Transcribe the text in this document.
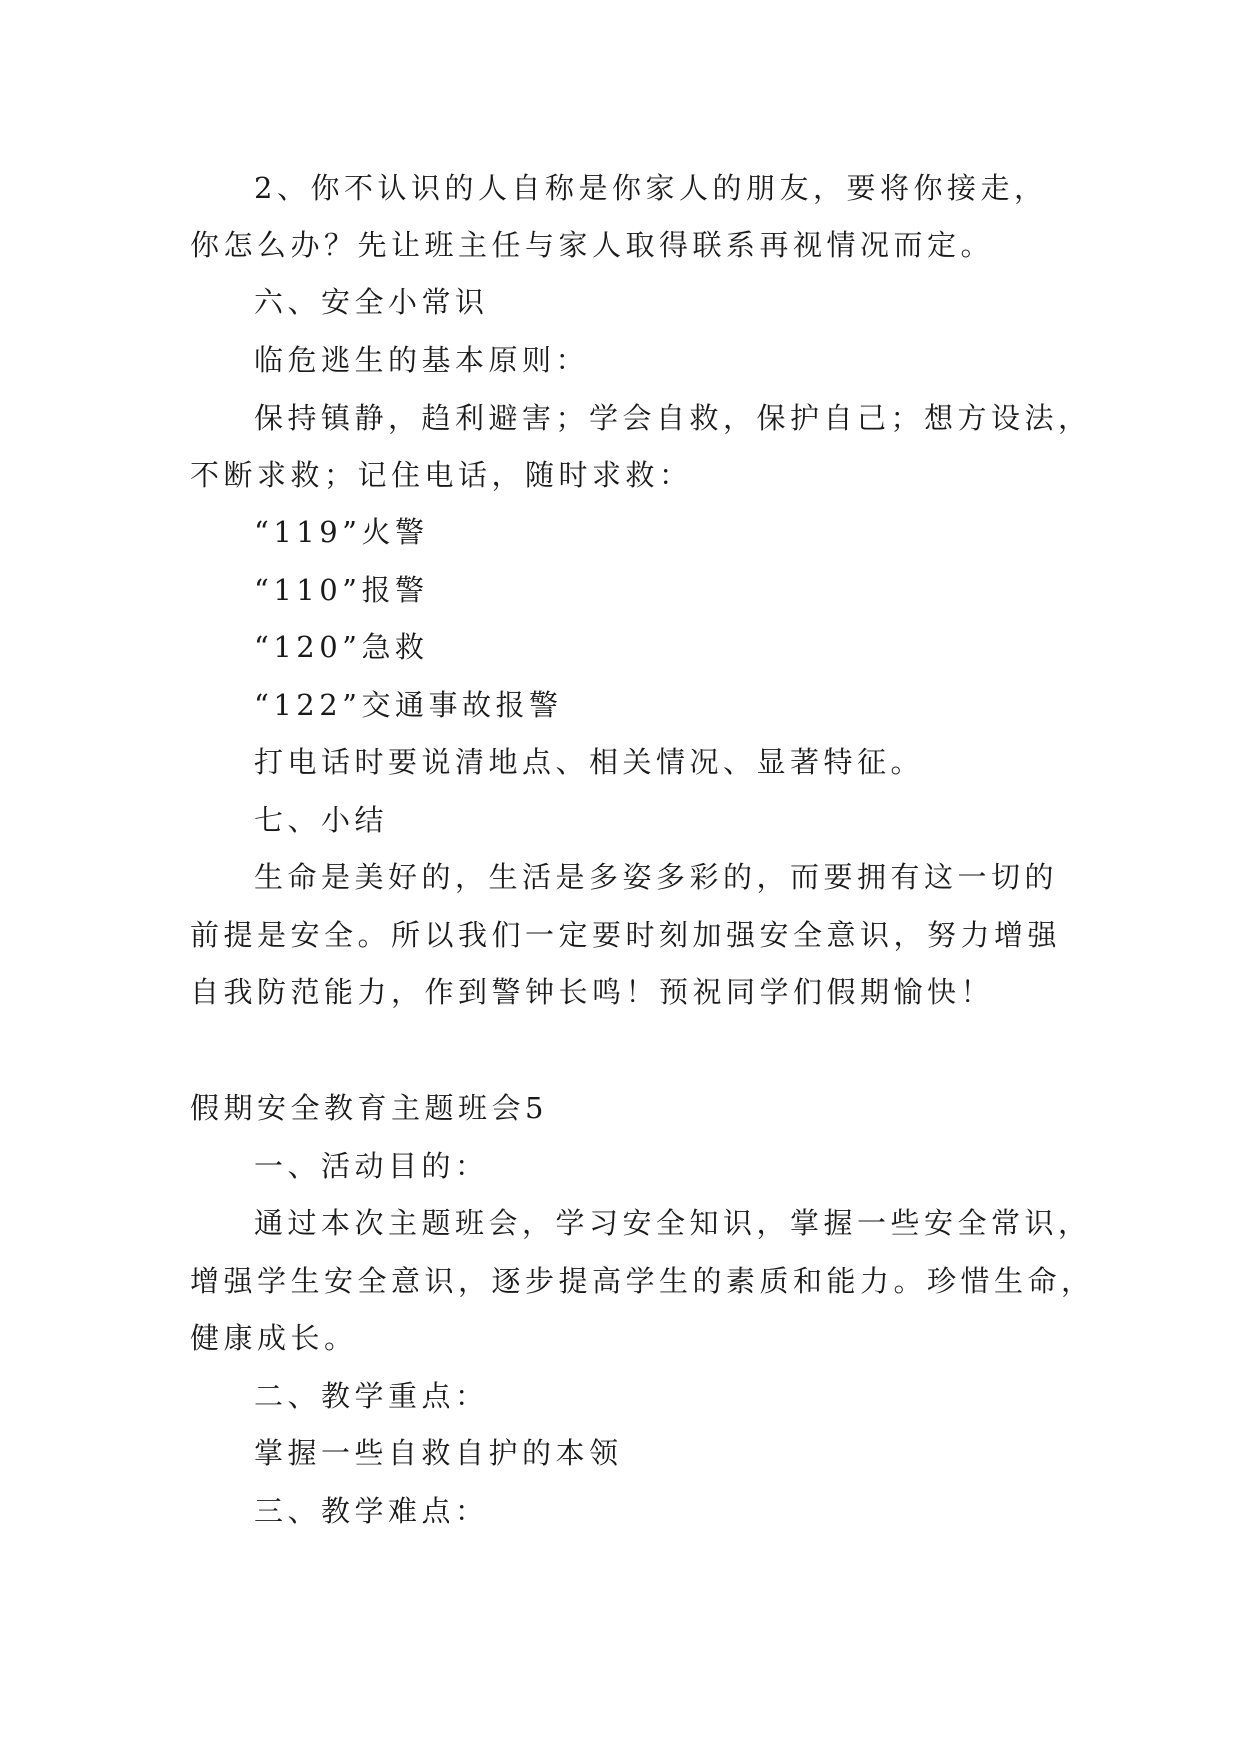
2、你不认识的人自称是你家人的朋友，要将你接走，
你怎么办？先让班主任与家人取得联系再视情况而定。
六、安全小常识
临危逃生的基本原则：
保持镇静，趋利避害；学会自救，保护自己；想方设法，
不断求救；记住电话，随时求救：
“119”火警
“110”报警
“120”急救
“122”交通事故报警
打电话时要说清地点、相关情况、显著特征。
七、小结
生命是美好的，生活是多姿多彩的，而要拥有这一切的
前提是安全。所以我们一定要时刻加强安全意识，努力增强
自我防范能力，作到警钟长鸣！预祝同学们假期愉快！
假期安全教育主题班会5
一、活动目的：
通过本次主题班会，学习安全知识，掌握一些安全常识，
增强学生安全意识，逐步提高学生的素质和能力。珍惜生命，
健康成长。
二、教学重点：
掌握一些自救自护的本领
三、教学难点：
